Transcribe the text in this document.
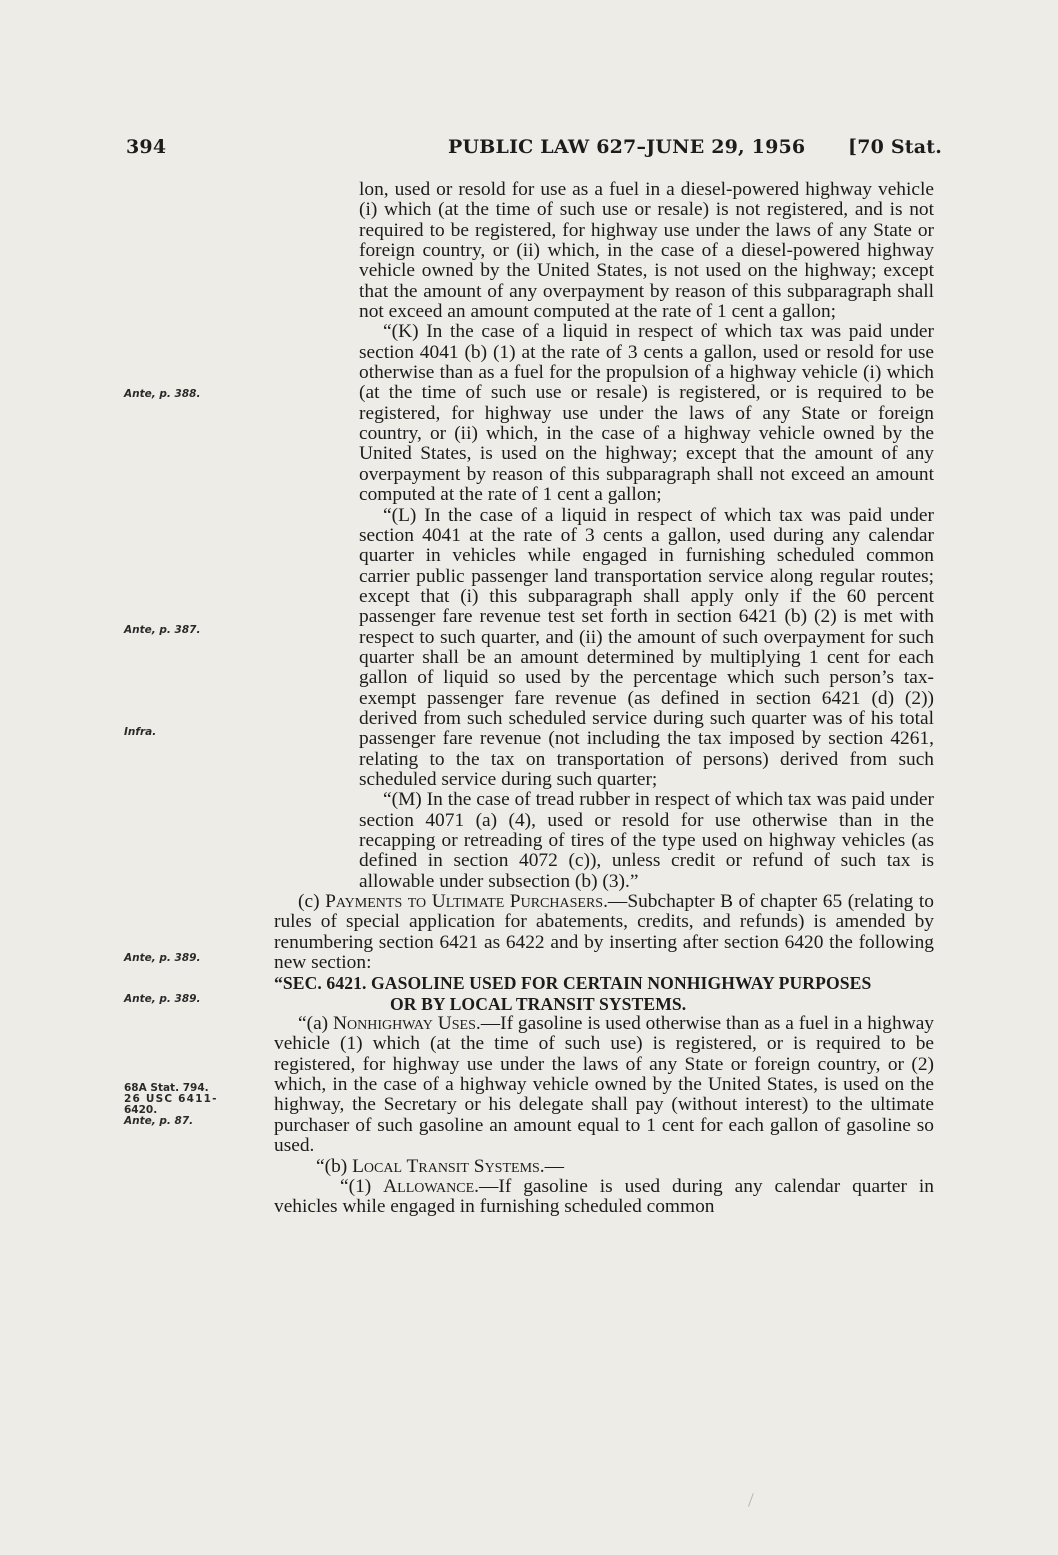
394	PUBLIC LAW 627–JUNE 29, 1956 [70 Stat.
Ante, p. 388.
Ante, p. 387.
Infra.
Ante, p. 389.
Ante, p. 389.
68A Stat. 794.
26 USC 6411-
6420.
Ante, p. 87.

lon, used or resold for use as a fuel in a diesel-powered highway vehicle (i) which (at the time of such use or resale) is not registered, and is not required to be registered, for highway use under the laws of any State or foreign country, or (ii) which, in the case of a diesel-powered highway vehicle owned by the United States, is not used on the highway; except that the amount of any overpayment by reason of this subparagraph shall not exceed an amount computed at the rate of 1 cent a gallon;

“(K) In the case of a liquid in respect of which tax was paid under section 4041 (b) (1) at the rate of 3 cents a gallon, used or resold for use otherwise than as a fuel for the propulsion of a highway vehicle (i) which (at the time of such use or resale) is registered, or is required to be registered, for highway use under the laws of any State or foreign country, or (ii) which, in the case of a highway vehicle owned by the United States, is used on the highway; except that the amount of any overpayment by reason of this subparagraph shall not exceed an amount computed at the rate of 1 cent a gallon;

“(L) In the case of a liquid in respect of which tax was paid under section 4041 at the rate of 3 cents a gallon, used during any calendar quarter in vehicles while engaged in furnishing scheduled common carrier public passenger land transportation service along regular routes; except that (i) this subparagraph shall apply only if the 60 percent passenger fare revenue test set forth in section 6421 (b) (2) is met with respect to such quarter, and (ii) the amount of such overpayment for such quarter shall be an amount determined by multiplying 1 cent for each gallon of liquid so used by the percentage which such person’s tax-exempt passenger fare revenue (as defined in section 6421 (d) (2)) derived from such scheduled service during such quarter was of his total passenger fare revenue (not including the tax imposed by section 4261, relating to the tax on transportation of persons) derived from such scheduled service during such quarter;

“(M) In the case of tread rubber in respect of which tax was paid under section 4071 (a) (4), used or resold for use otherwise than in the recapping or retreading of tires of the type used on highway vehicles (as defined in section 4072 (c)), unless credit or refund of such tax is allowable under subsection (b) (3).”

(c) Payments to Ultimate Purchasers.—Subchapter B of chapter 65 (relating to rules of special application for abatements, credits, and refunds) is amended by renumbering section 6421 as 6422 and by inserting after section 6420 the following new section:

“SEC. 6421. GASOLINE USED FOR CERTAIN NONHIGHWAY PURPOSES
OR BY LOCAL TRANSIT SYSTEMS.

“(a) Nonhighway Uses.—If gasoline is used otherwise than as a fuel in a highway vehicle (1) which (at the time of such use) is registered, or is required to be registered, for highway use under the laws of any State or foreign country, or (2) which, in the case of a highway vehicle owned by the United States, is used on the highway, the Secretary or his delegate shall pay (without interest) to the ultimate purchaser of such gasoline an amount equal to 1 cent for each gallon of gasoline so used.

“(b) Local Transit Systems.—

“(1) Allowance.—If gasoline is used during any calendar quarter in vehicles while engaged in furnishing scheduled common
